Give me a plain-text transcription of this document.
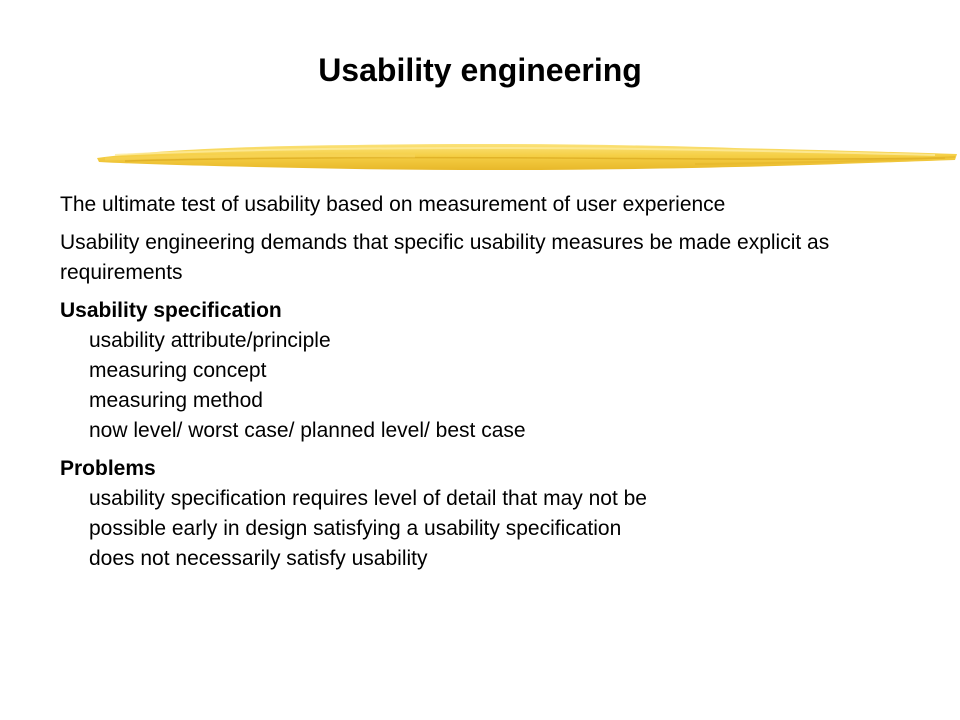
Usability engineering

The ultimate test of usability based on measurement of user experience

Usability engineering demands that specific usability measures be made explicit as requirements

Usability specification

usability attribute/principle

measuring concept

measuring method

now level/ worst case/ planned level/ best case

Problems

usability specification requires level of detail that may not be

possible early in design satisfying a usability specification

does not necessarily satisfy usability
